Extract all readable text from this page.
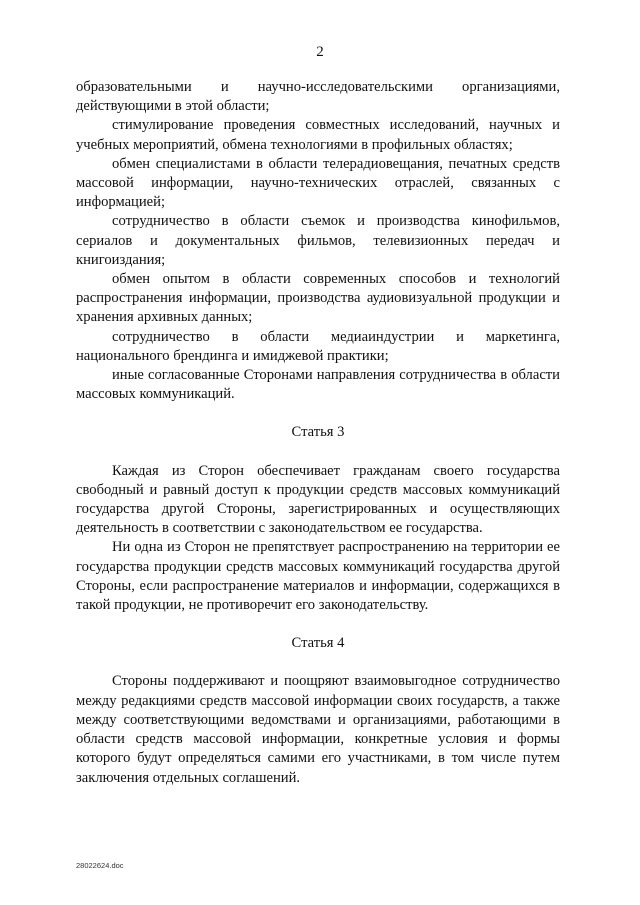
2

образовательными и научно-исследовательскими организациями, действующими в этой области;

стимулирование проведения совместных исследований, научных и учебных мероприятий, обмена технологиями в профильных областях;

обмен специалистами в области телерадиовещания, печатных средств массовой информации, научно-технических отраслей, связанных с информацией;

сотрудничество в области съемок и производства кинофильмов, сериалов и документальных фильмов, телевизионных передач и книгоиздания;

обмен опытом в области современных способов и технологий распространения информации, производства аудиовизуальной продукции и хранения архивных данных;

сотрудничество в области медиаиндустрии и маркетинга, национального брендинга и имиджевой практики;

иные согласованные Сторонами направления сотрудничества в области массовых коммуникаций.

Статья 3

Каждая из Сторон обеспечивает гражданам своего государства свободный и равный доступ к продукции средств массовых коммуникаций государства другой Стороны, зарегистрированных и осуществляющих деятельность в соответствии с законодательством ее государства.

Ни одна из Сторон не препятствует распространению на территории ее государства продукции средств массовых коммуникаций государства другой Стороны, если распространение материалов и информации, содержащихся в такой продукции, не противоречит его законодательству.

Статья 4

Стороны поддерживают и поощряют взаимовыгодное сотрудничество между редакциями средств массовой информации своих государств, а также между соответствующими ведомствами и организациями, работающими в области средств массовой информации, конкретные условия и формы которого будут определяться самими его участниками, в том числе путем заключения отдельных соглашений.

28022624.doc
